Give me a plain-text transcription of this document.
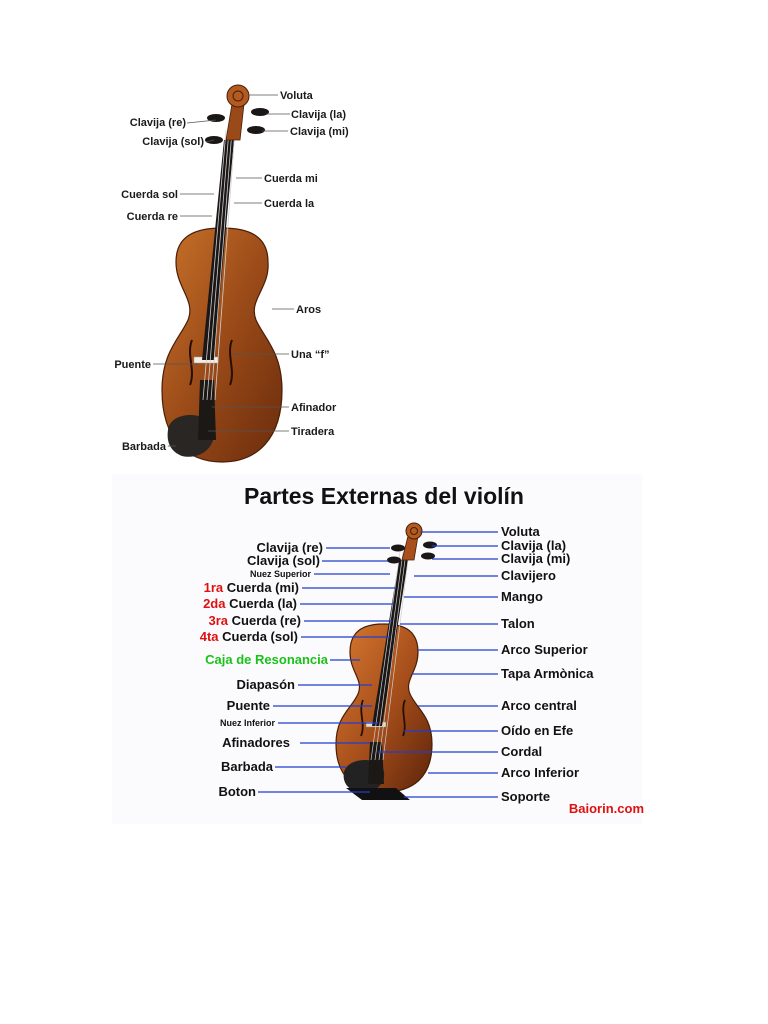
Clavija (re)
Clavija (sol)
Cuerda sol
Cuerda re
Puente
Barbada
Voluta
Clavija (la)
Clavija (mi)
Cuerda mi
Cuerda la
Aros
Una “f”
Afinador
Tiradera
Partes Externas del violín
Clavija (re)
Clavija (sol)
Nuez Superior
1ra Cuerda (mi)
2da Cuerda (la)
3ra Cuerda (re)
4ta Cuerda (sol)
Caja de Resonancia
Diapasón
Puente
Nuez Inferior
Afinadores
Barbada
Boton
Voluta
Clavija (la)
Clavija (mi)
Clavijero
Mango
Talon
Arco Superior
Tapa Armònica
Arco central
Oído en Efe
Cordal
Arco Inferior
Soporte
Baiorin.com
